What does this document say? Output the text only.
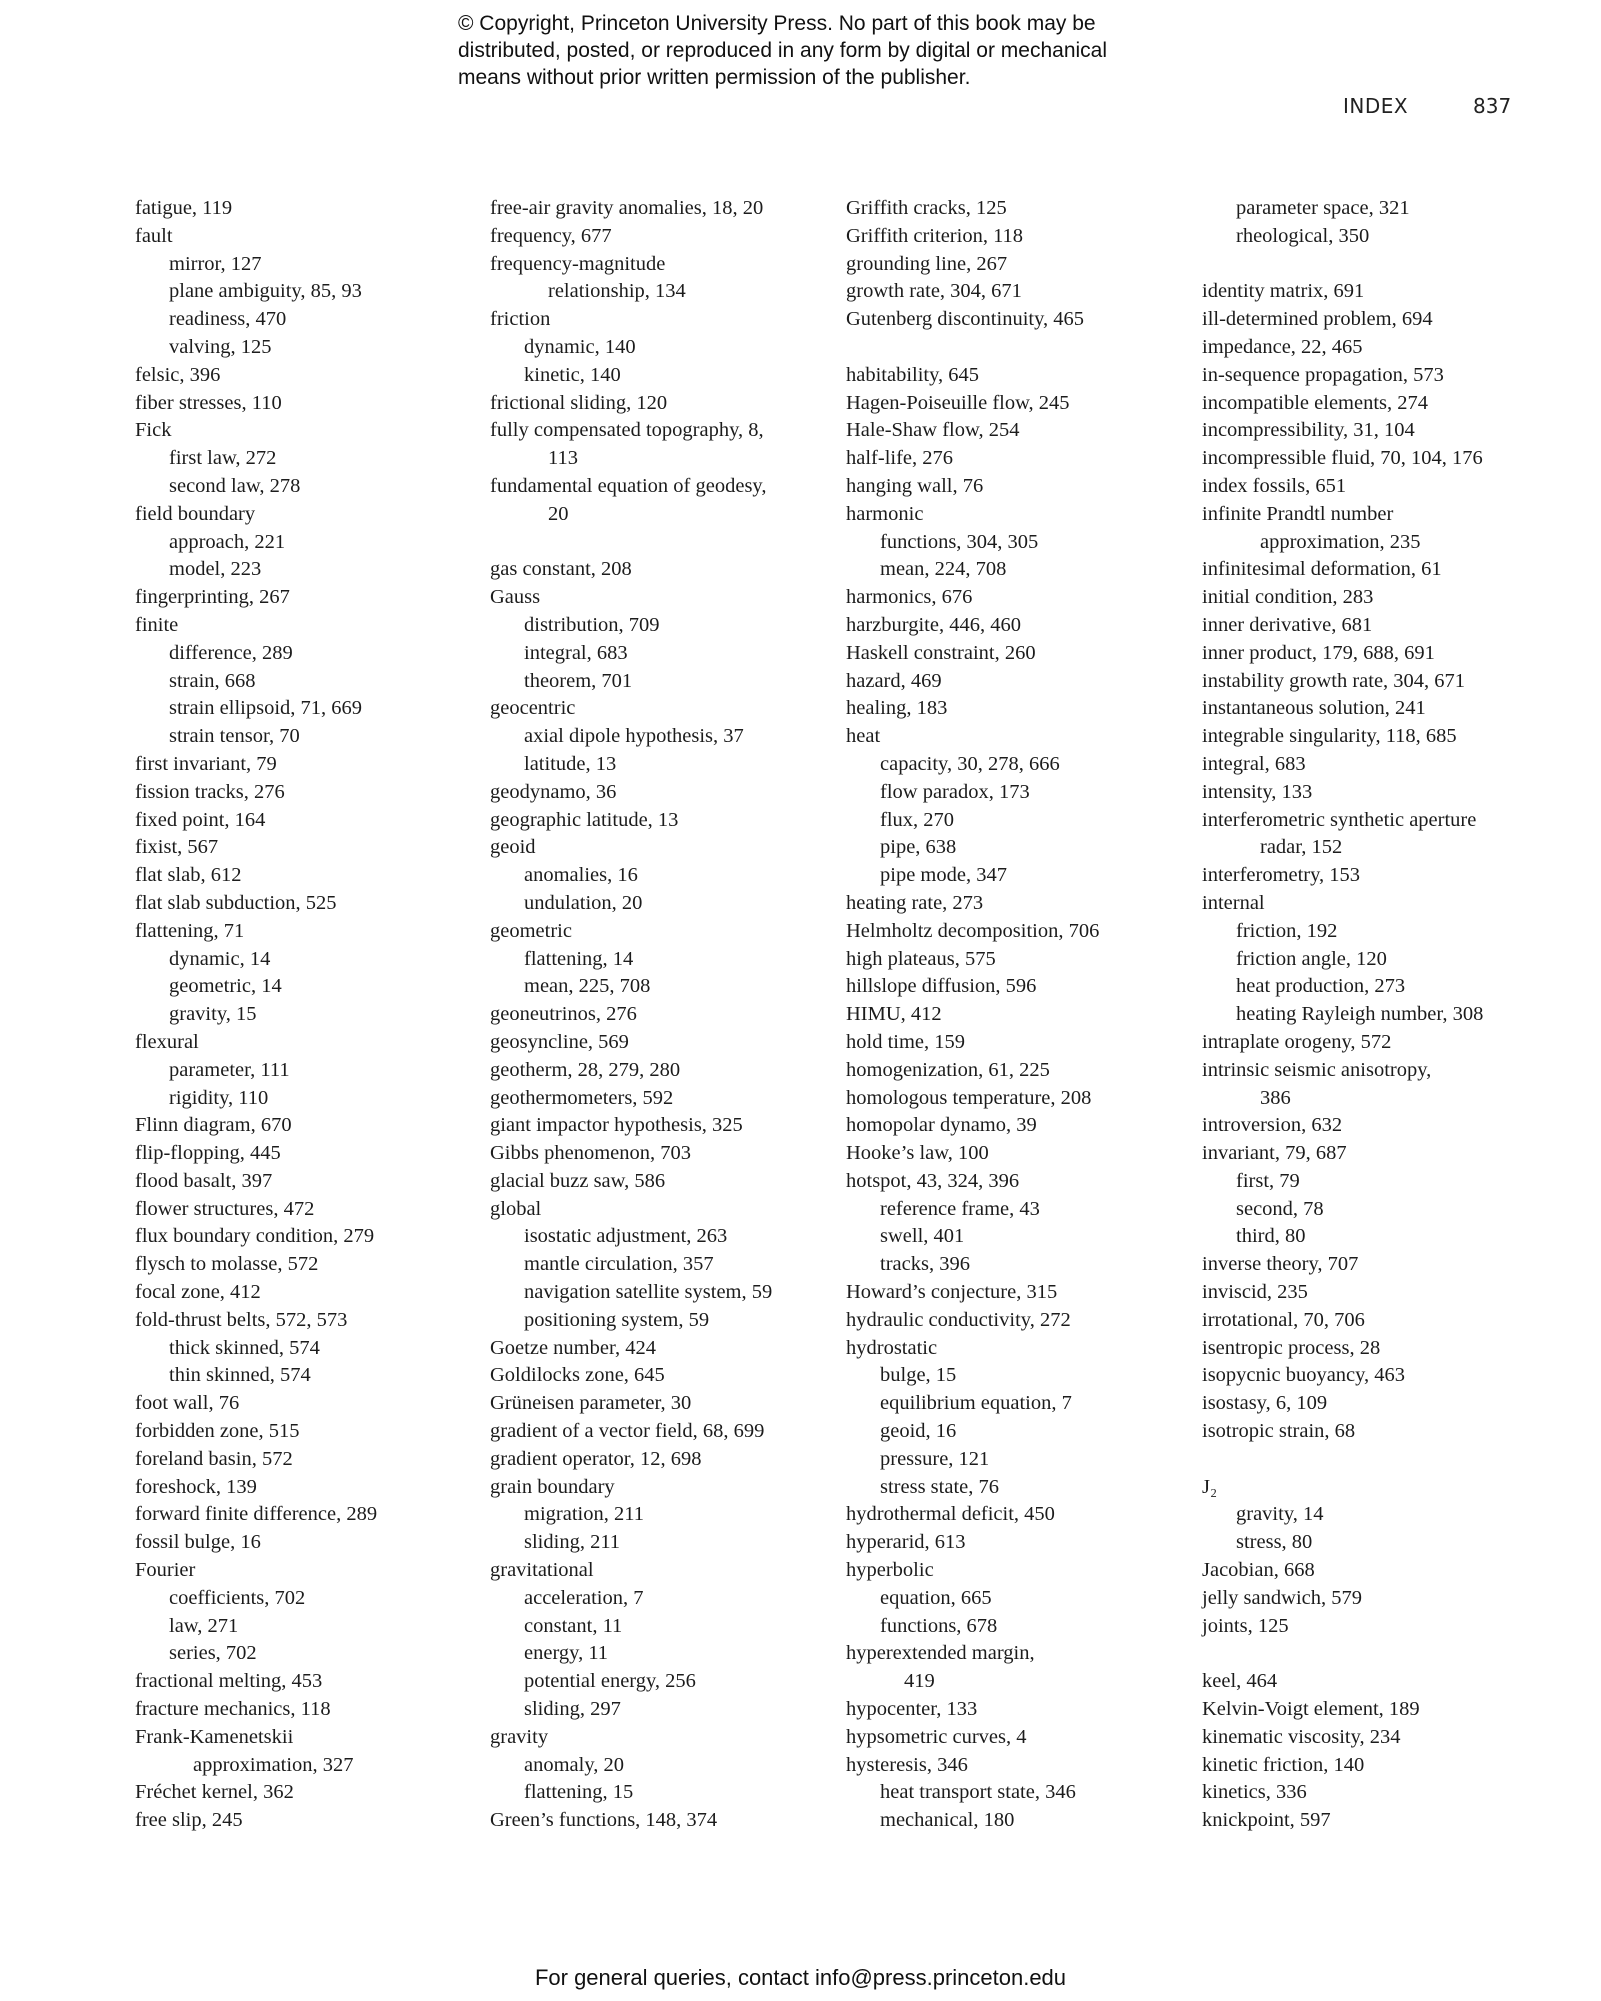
© Copyright, Princeton University Press. No part of this book may be
distributed, posted, or reproduced in any form by digital or mechanical
means without prior written permission of the publisher.
INDEX	837
fatigue, 119
fault
mirror, 127
plane ambiguity, 85, 93
readiness, 470
valving, 125
felsic, 396
fiber stresses, 110
Fick
first law, 272
second law, 278
field boundary
approach, 221
model, 223
fingerprinting, 267
finite
difference, 289
strain, 668
strain ellipsoid, 71, 669
strain tensor, 70
first invariant, 79
fission tracks, 276
fixed point, 164
fixist, 567
flat slab, 612
flat slab subduction, 525
flattening, 71
dynamic, 14
geometric, 14
gravity, 15
flexural
parameter, 111
rigidity, 110
Flinn diagram, 670
flip-flopping, 445
flood basalt, 397
flower structures, 472
flux boundary condition, 279
flysch to molasse, 572
focal zone, 412
fold-thrust belts, 572, 573
thick skinned, 574
thin skinned, 574
foot wall, 76
forbidden zone, 515
foreland basin, 572
foreshock, 139
forward finite difference, 289
fossil bulge, 16
Fourier
coefficients, 702
law, 271
series, 702
fractional melting, 453
fracture mechanics, 118
Frank-Kamenetskii
approximation, 327
Fréchet kernel, 362
free slip, 245
free-air gravity anomalies, 18, 20
frequency, 677
frequency-magnitude
relationship, 134
friction
dynamic, 140
kinetic, 140
frictional sliding, 120
fully compensated topography, 8,
113
fundamental equation of geodesy,
20
gas constant, 208
Gauss
distribution, 709
integral, 683
theorem, 701
geocentric
axial dipole hypothesis, 37
latitude, 13
geodynamo, 36
geographic latitude, 13
geoid
anomalies, 16
undulation, 20
geometric
flattening, 14
mean, 225, 708
geoneutrinos, 276
geosyncline, 569
geotherm, 28, 279, 280
geothermometers, 592
giant impactor hypothesis, 325
Gibbs phenomenon, 703
glacial buzz saw, 586
global
isostatic adjustment, 263
mantle circulation, 357
navigation satellite system, 59
positioning system, 59
Goetze number, 424
Goldilocks zone, 645
Grüneisen parameter, 30
gradient of a vector field, 68, 699
gradient operator, 12, 698
grain boundary
migration, 211
sliding, 211
gravitational
acceleration, 7
constant, 11
energy, 11
potential energy, 256
sliding, 297
gravity
anomaly, 20
flattening, 15
Green’s functions, 148, 374
Griffith cracks, 125
Griffith criterion, 118
grounding line, 267
growth rate, 304, 671
Gutenberg discontinuity, 465
habitability, 645
Hagen-Poiseuille flow, 245
Hale-Shaw flow, 254
half-life, 276
hanging wall, 76
harmonic
functions, 304, 305
mean, 224, 708
harmonics, 676
harzburgite, 446, 460
Haskell constraint, 260
hazard, 469
healing, 183
heat
capacity, 30, 278, 666
flow paradox, 173
flux, 270
pipe, 638
pipe mode, 347
heating rate, 273
Helmholtz decomposition, 706
high plateaus, 575
hillslope diffusion, 596
HIMU, 412
hold time, 159
homogenization, 61, 225
homologous temperature, 208
homopolar dynamo, 39
Hooke’s law, 100
hotspot, 43, 324, 396
reference frame, 43
swell, 401
tracks, 396
Howard’s conjecture, 315
hydraulic conductivity, 272
hydrostatic
bulge, 15
equilibrium equation, 7
geoid, 16
pressure, 121
stress state, 76
hydrothermal deficit, 450
hyperarid, 613
hyperbolic
equation, 665
functions, 678
hyperextended margin,
419
hypocenter, 133
hypsometric curves, 4
hysteresis, 346
heat transport state, 346
mechanical, 180
parameter space, 321
rheological, 350
identity matrix, 691
ill-determined problem, 694
impedance, 22, 465
in-sequence propagation, 573
incompatible elements, 274
incompressibility, 31, 104
incompressible fluid, 70, 104, 176
index fossils, 651
infinite Prandtl number
approximation, 235
infinitesimal deformation, 61
initial condition, 283
inner derivative, 681
inner product, 179, 688, 691
instability growth rate, 304, 671
instantaneous solution, 241
integrable singularity, 118, 685
integral, 683
intensity, 133
interferometric synthetic aperture
radar, 152
interferometry, 153
internal
friction, 192
friction angle, 120
heat production, 273
heating Rayleigh number, 308
intraplate orogeny, 572
intrinsic seismic anisotropy,
386
introversion, 632
invariant, 79, 687
first, 79
second, 78
third, 80
inverse theory, 707
inviscid, 235
irrotational, 70, 706
isentropic process, 28
isopycnic buoyancy, 463
isostasy, 6, 109
isotropic strain, 68
J₂
gravity, 14
stress, 80
Jacobian, 668
jelly sandwich, 579
joints, 125
keel, 464
Kelvin-Voigt element, 189
kinematic viscosity, 234
kinetic friction, 140
kinetics, 336
knickpoint, 597
For general queries, contact info@press.princeton.edu
